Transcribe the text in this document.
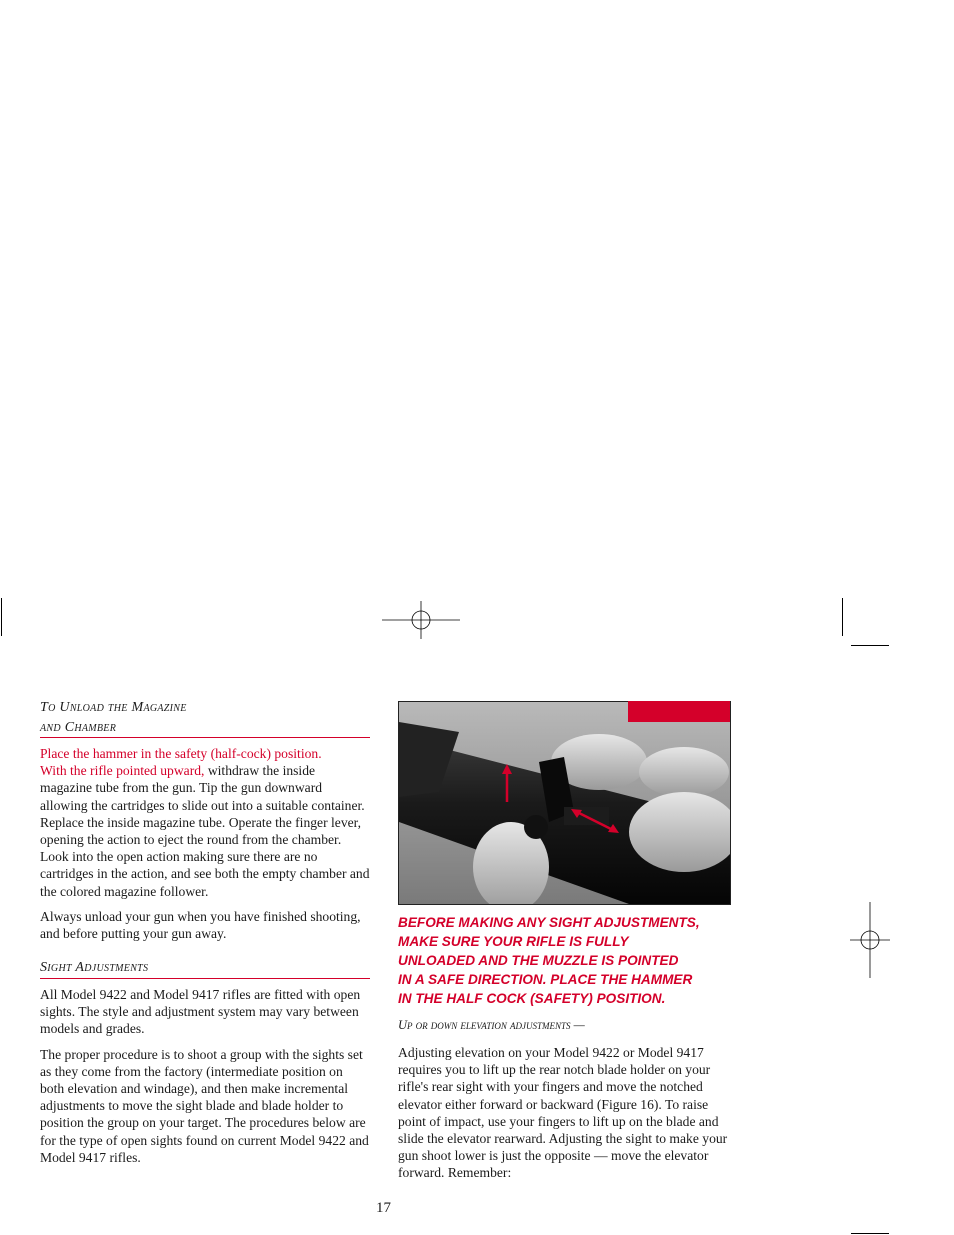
To Unload the Magazine
and Chamber

Place the hammer in the safety (half-cock) position.
With the rifle pointed upward, withdraw the inside magazine tube from the gun. Tip the gun downward allowing the cartridges to slide out into a suitable container. Replace the inside magazine tube. Operate the finger lever, opening the action to eject the round from the chamber. Look into the open action making sure there are no cartridges in the action, and see both the empty chamber and the colored magazine follower.

Always unload your gun when you have finished shooting, and before putting your gun away.

Sight Adjustments

All Model 9422 and Model 9417 rifles are fitted with open sights. The style and adjustment system may vary between models and grades.

The proper procedure is to shoot a group with the sights set as they come from the factory (intermediate position on both elevation and windage), and then make incremental adjustments to move the sight blade and blade holder to position the group on your target. The procedures below are for the type of open sights found on current Model 9422 and Model 9417 rifles.

BEFORE MAKING ANY SIGHT ADJUSTMENTS,
MAKE SURE YOUR RIFLE IS FULLY
UNLOADED AND THE MUZZLE IS POINTED
IN A SAFE DIRECTION. PLACE THE HAMMER
IN THE HALF COCK (SAFETY) POSITION.
Up or down elevation adjustments —

Adjusting elevation on your Model 9422 or Model 9417 requires you to lift up the rear notch blade holder on your rifle's rear sight with your fingers and move the notched elevator either forward or backward (Figure 16). To raise point of impact, use your fingers to lift up on the blade and slide the elevator rearward. Adjusting the sight to make your gun shoot lower is just the opposite — move the elevator forward. Remember:

17
